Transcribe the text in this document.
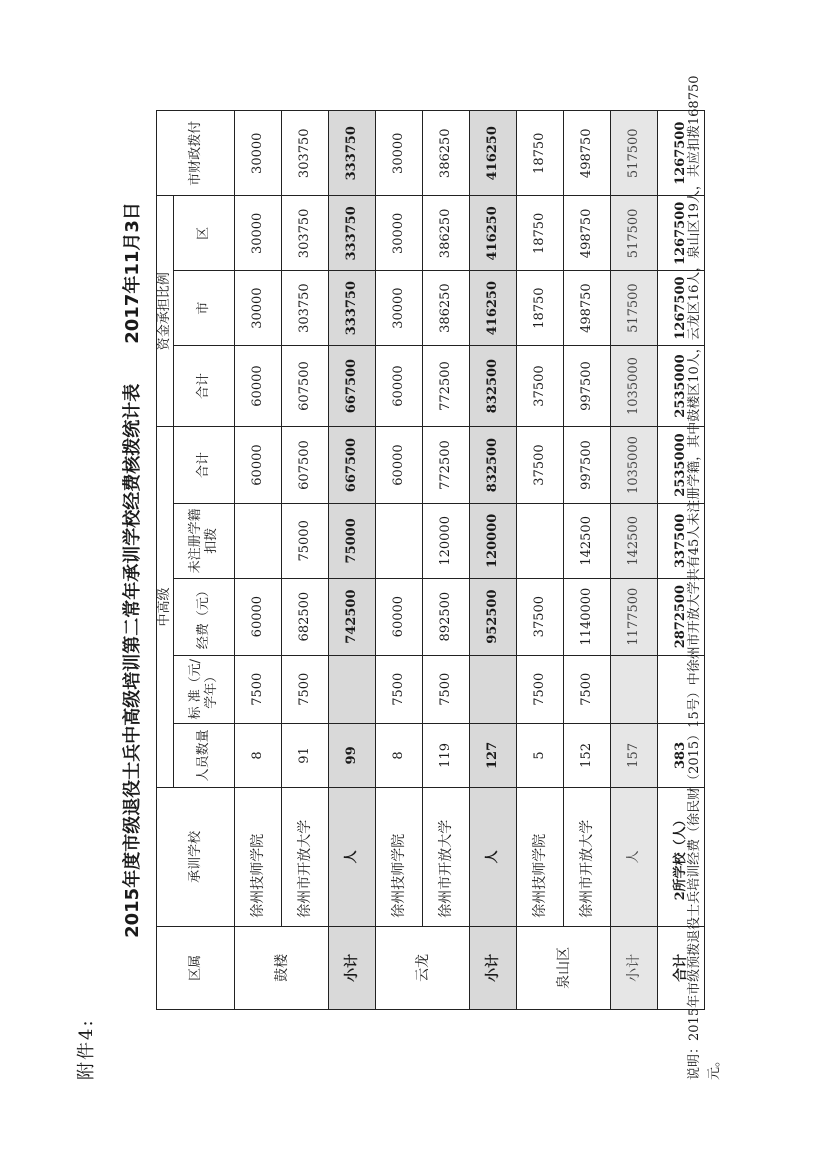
附件4:
2015年度市级退役士兵中高级培训第二常年承训学校经费核拨统计表2017年11月3日
区属	承训学校	中高级					资金承担比例			市财政拨付
		人员数量	标 准（元/学年）	经费（元）	未注册学籍扣拨	合计				
							合计	市	区	
鼓楼	徐州技师学院	8	7500	60000		60000	60000	30000	30000	30000
	徐州市开放大学	91	7500	682500	75000	607500	607500	303750	303750	303750
小计	人	99		742500	75000	667500	667500	333750	333750	333750
云龙	徐州技师学院	8	7500	60000		60000	60000	30000	30000	30000
	徐州市开放大学	119	7500	892500	120000	772500	772500	386250	386250	386250
小计	人	127		952500	120000	832500	832500	416250	416250	416250
泉山区	徐州技师学院	5	7500	37500		37500	37500	18750	18750	18750
	徐州市开放大学	152	7500	1140000	142500	997500	997500	498750	498750	498750
小计	人	157		1177500	142500	1035000	1035000	517500	517500	517500
合计	2所学校（人）	383		2872500	337500	2535000	2535000	1267500	1267500	1267500 说明：2015年市级预拨退役士兵培训经费（徐民财（2015）15号）中徐州市开放大学共有45人未注册学籍，其中鼓楼区10人，云龙区16人，泉山区19人，共应扣拨168750元。
